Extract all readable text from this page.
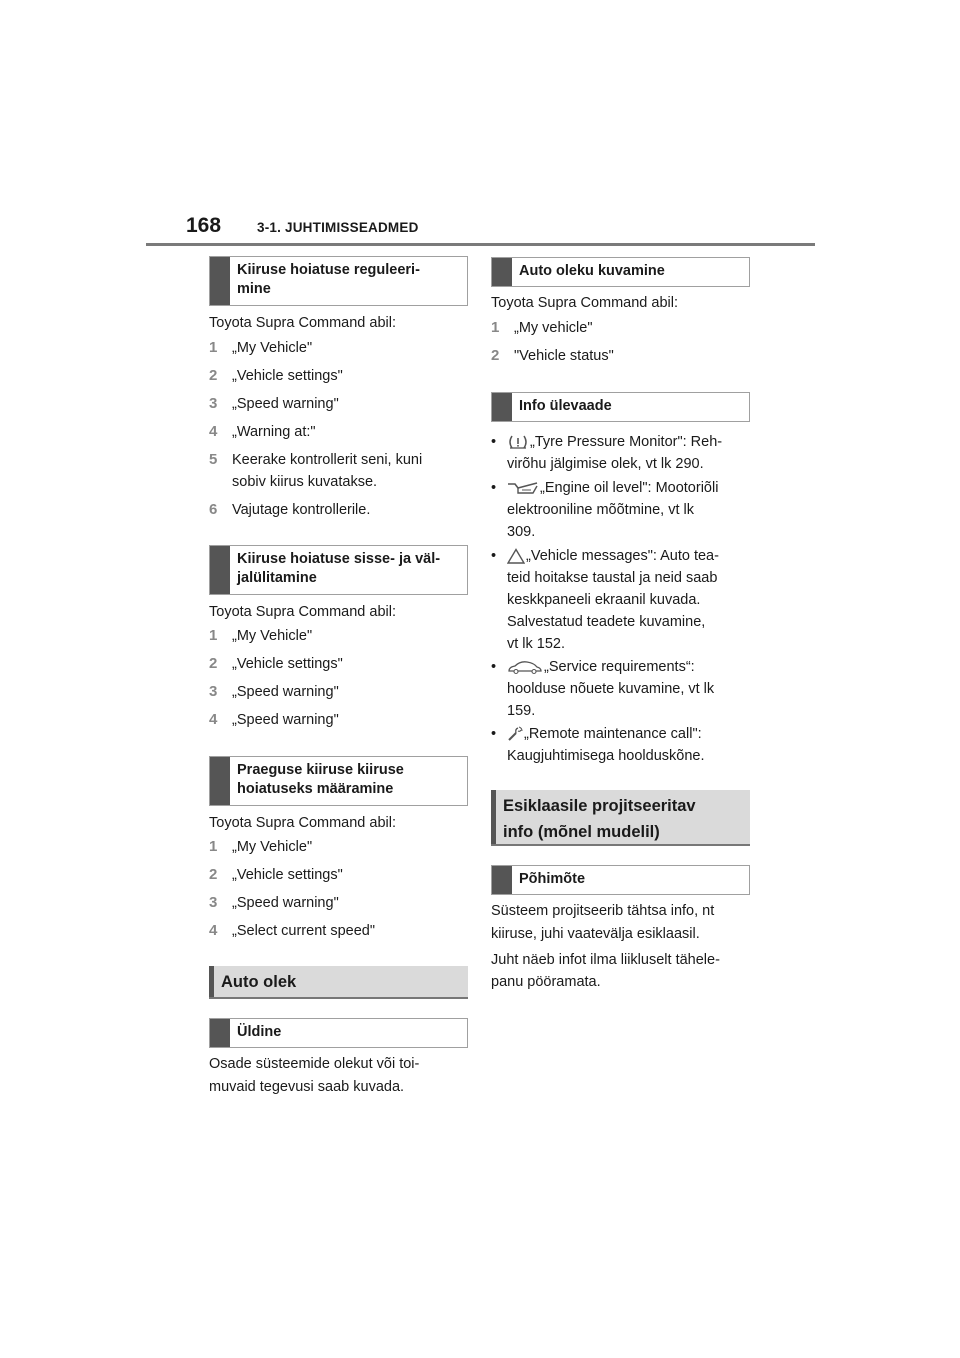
168	3-1. JUHTIMISSEADMED
Kiiruse hoiatuse reguleeri-
mine
Toyota Supra Command abil:
1 „My Vehicle"
2 „Vehicle settings"
3 „Speed warning"
4 „Warning at:"
5 Keerake kontrollerit seni, kuni
sobiv kiirus kuvatakse.
6 Vajutage kontrollerile.
Kiiruse hoiatuse sisse- ja väl-
jalülitamine
Toyota Supra Command abil:
1 „My Vehicle"
2 „Vehicle settings"
3 „Speed warning"
4 „Speed warning"
Praeguse kiiruse kiiruse
hoiatuseks määramine
Toyota Supra Command abil:
1 „My Vehicle"
2 „Vehicle settings"
3 „Speed warning"
4 „Select current speed"
Auto olek
Üldine
Osade süsteemide olekut või toi-
muvaid tegevusi saab kuvada.
Auto oleku kuvamine
Toyota Supra Command abil:
1 „My vehicle"
2 "Vehicle status"
Info ülevaade
•	„Tyre Pressure Monitor": Reh-
virõhu jälgimise olek, vt lk 290.
•	„Engine oil level": Mootoriõli
elektrooniline mõõtmine, vt lk
309.
•	„Vehicle messages": Auto tea-
teid hoitakse taustal ja neid saab
keskkpaneeli ekraanil kuvada.
Salvestatud teadete kuvamine,
vt lk 152.
•	„Service requirements“:
hoolduse nõuete kuvamine, vt lk
159.
•	„Remote maintenance call":
Kaugjuhtimisega hoolduskõne.
Esiklaasile projitseeritav
info (mõnel mudelil)
Põhimõte
Süsteem projitseerib tähtsa info, nt
kiiruse, juhi vaatevälja esiklaasil.
Juht näeb infot ilma liikluselt tähele-
panu pööramata.
